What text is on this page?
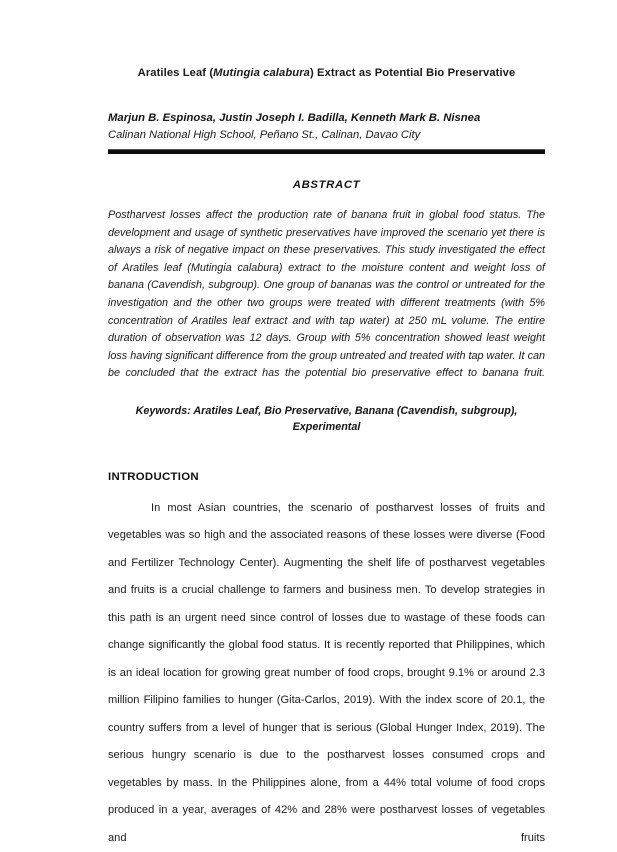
Aratiles Leaf (Mutingia calabura) Extract as Potential Bio Preservative
Marjun B. Espinosa, Justin Joseph I. Badilla, Kenneth Mark B. Nisnea
Calinan National High School, Peñano St., Calinan, Davao City
ABSTRACT
Postharvest losses affect the production rate of banana fruit in global food status. The development and usage of synthetic preservatives have improved the scenario yet there is always a risk of negative impact on these preservatives. This study investigated the effect of Aratiles leaf (Mutingia calabura) extract to the moisture content and weight loss of banana (Cavendish, subgroup). One group of bananas was the control or untreated for the investigation and the other two groups were treated with different treatments (with 5% concentration of Aratiles leaf extract and with tap water) at 250 mL volume. The entire duration of observation was 12 days. Group with 5% concentration showed least weight loss having significant difference from the group untreated and treated with tap water. It can be concluded that the extract has the potential bio preservative effect to banana fruit.
Keywords: Aratiles Leaf, Bio Preservative, Banana (Cavendish, subgroup), Experimental
INTRODUCTION
In most Asian countries, the scenario of postharvest losses of fruits and vegetables was so high and the associated reasons of these losses were diverse (Food and Fertilizer Technology Center). Augmenting the shelf life of postharvest vegetables and fruits is a crucial challenge to farmers and business men. To develop strategies in this path is an urgent need since control of losses due to wastage of these foods can change significantly the global food status. It is recently reported that Philippines, which is an ideal location for growing great number of food crops, brought 9.1% or around 2.3 million Filipino families to hunger (Gita-Carlos, 2019). With the index score of 20.1, the country suffers from a level of hunger that is serious (Global Hunger Index, 2019). The serious hungry scenario is due to the postharvest losses consumed crops and vegetables by mass. In the Philippines alone, from a 44% total volume of food crops produced in a year, averages of 42% and 28% were postharvest losses of vegetables and fruits
